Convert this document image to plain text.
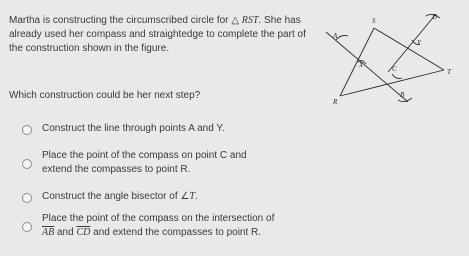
Martha is constructing the circumscribed circle for △ RST. She has already used her compass and straightedge to complete the part of the construction shown in the figure.
S	D
A
Y
X	C	T
B
R
Which construction could be her next step?
Construct the line through points A and Y.
Place the point of the compass on point C and
extend the compasses to point R.
Construct the angle bisector of ∠T.
Place the point of the compass on the intersection of
$\overline{AB}$ and $\overline{CD}$ and extend the compasses to point R.
